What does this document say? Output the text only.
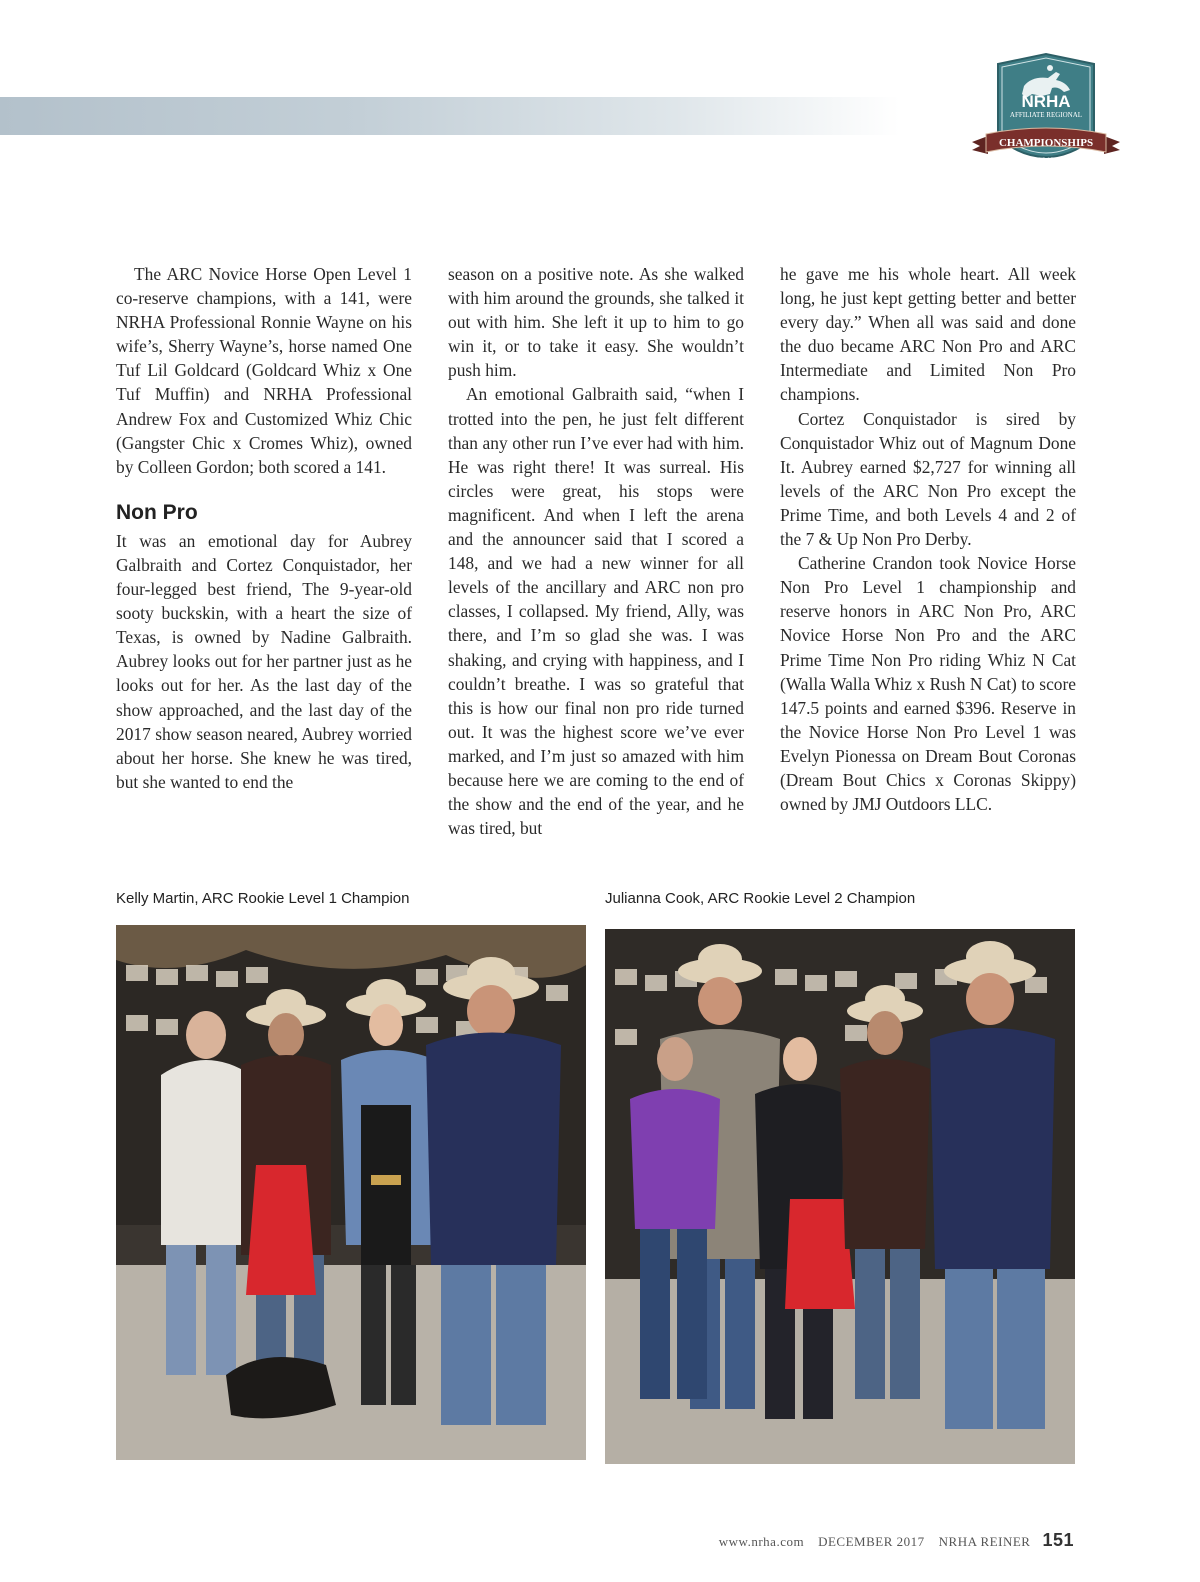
NRHA
AFFILIATE REGIONAL
CHAMPIONSHIPS
2017

The ARC Novice Horse Open Level 1 co-reserve champions, with a 141, were NRHA Professional Ronnie Wayne on his wife’s, Sherry Wayne’s, horse named One Tuf Lil Goldcard (Goldcard Whiz x One Tuf Muffin) and NRHA Professional Andrew Fox and Customized Whiz Chic (Gangster Chic x Cromes Whiz), owned by Colleen Gordon; both scored a 141.

Non Pro

It was an emotional day for Aubrey Galbraith and Cortez Conquistador, her four-legged best friend, The 9-year-old sooty buckskin, with a heart the size of Texas, is owned by Nadine Galbraith. Aubrey looks out for her partner just as he looks out for her. As the last day of the show approached, and the last day of the 2017 show season neared, Aubrey worried about her horse. She knew he was tired, but she wanted to end the

season on a positive note. As she walked with him around the grounds, she talked it out with him. She left it up to him to go win it, or to take it easy. She wouldn’t push him.

An emotional Galbraith said, “when I trotted into the pen, he just felt different than any other run I’ve ever had with him. He was right there! It was surreal. His circles were great, his stops were magnificent. And when I left the arena and the announcer said that I scored a 148, and we had a new winner for all levels of the ancillary and ARC non pro classes, I collapsed. My friend, Ally, was there, and I’m so glad she was. I was shaking, and crying with happiness, and I couldn’t breathe. I was so grateful that this is how our final non pro ride turned out. It was the highest score we’ve ever marked, and I’m just so amazed with him because here we are coming to the end of the show and the end of the year, and he was tired, but

he gave me his whole heart. All week long, he just kept getting better and better every day.” When all was said and done the duo became ARC Non Pro and ARC Intermediate and Limited Non Pro champions.

Cortez Conquistador is sired by Conquistador Whiz out of Magnum Done It. Aubrey earned $2,727 for winning all levels of the ARC Non Pro except the Prime Time, and both Levels 4 and 2 of the 7 & Up Non Pro Derby.

Catherine Crandon took Novice Horse Non Pro Level 1 championship and reserve honors in ARC Non Pro, ARC Novice Horse Non Pro and the ARC Prime Time Non Pro riding Whiz N Cat (Walla Walla Whiz x Rush N Cat) to score 147.5 points and earned $396. Reserve in the Novice Horse Non Pro Level 1 was Evelyn Pionessa on Dream Bout Coronas (Dream Bout Chics x Coronas Skippy) owned by JMJ Outdoors LLC.

Kelly Martin, ARC Rookie Level 1 Champion	Julianna Cook, ARC Rookie Level 2 Champion
www.nrha.com DECEMBER 2017 NRHA REINER 151
